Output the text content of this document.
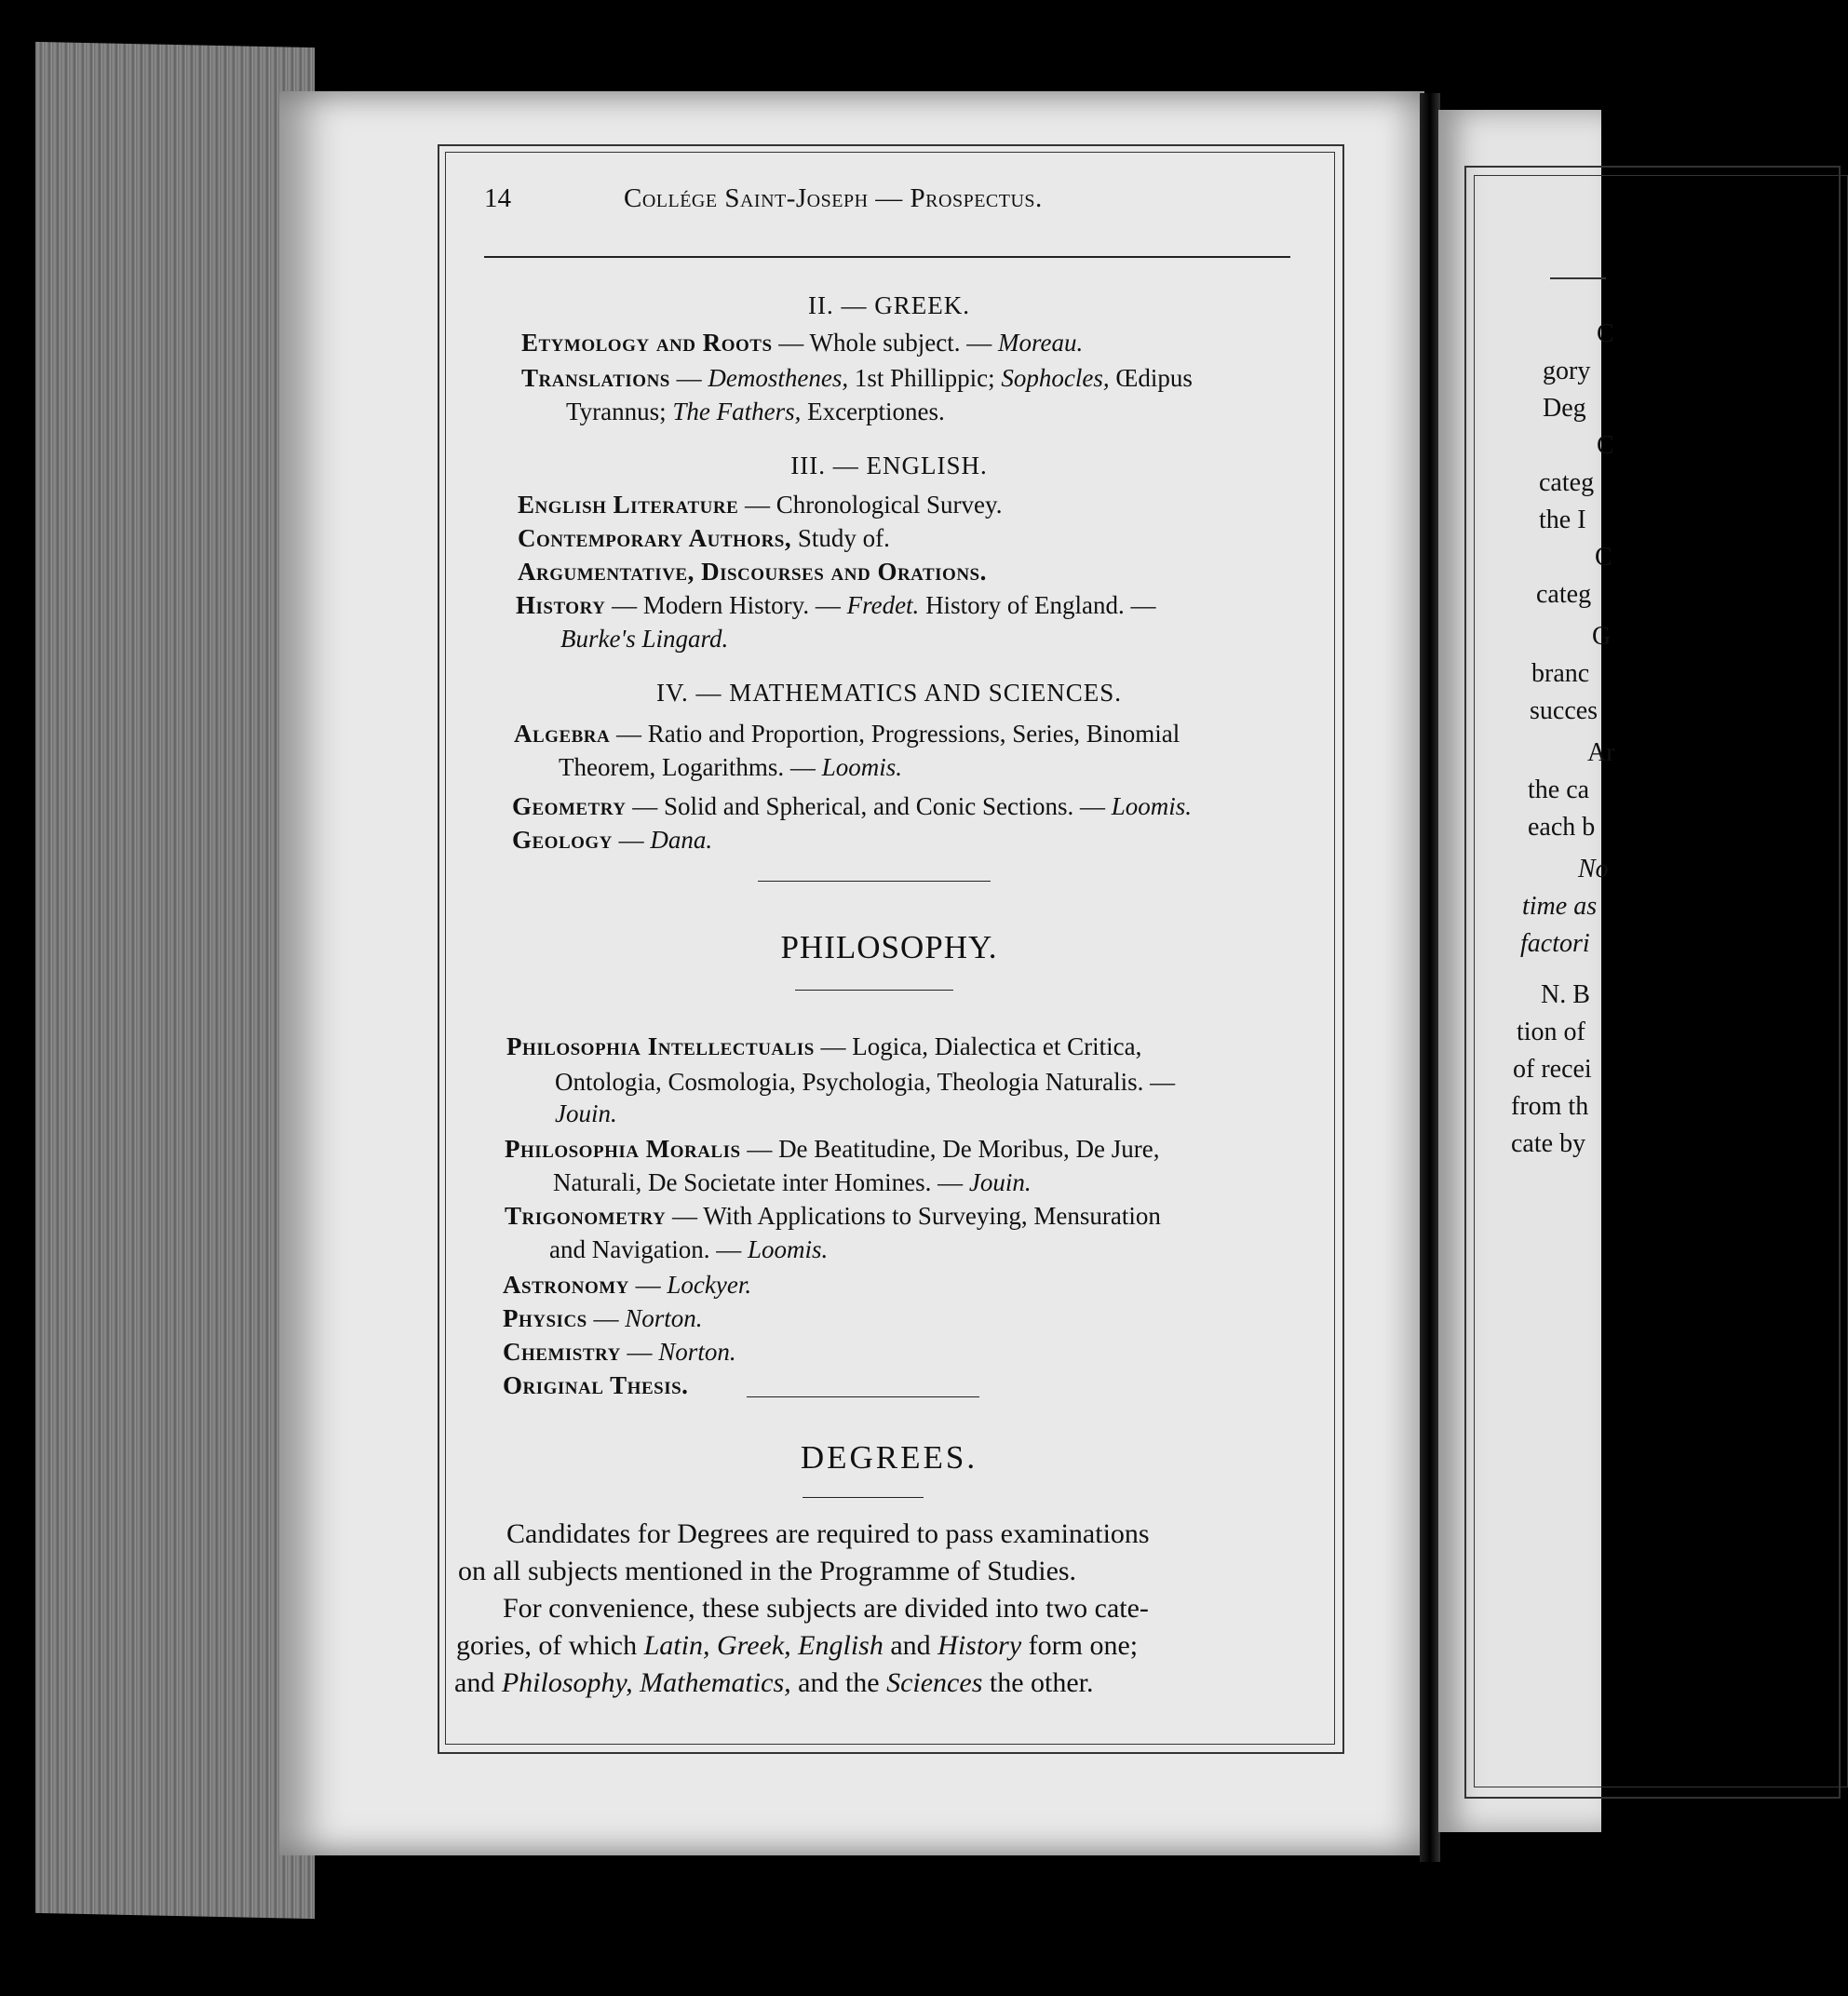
C
gory
Deg
C
categ
the I
C
categ
G
branc
succes
Ar
the ca
each b
No
time as
factori
N. B
tion of
of recei
from th
cate by
14	Collége Saint-Joseph — Prospectus.
II. — GREEK.
Etymology and Roots — Whole subject. — Moreau.
Translations — Demosthenes, 1st Phillippic; Sophocles, Œdipus
Tyrannus; The Fathers, Excerptiones.
III. — ENGLISH.
English Literature — Chronological Survey.
Contemporary Authors, Study of.
Argumentative, Discourses and Orations.
History — Modern History. — Fredet. History of England. —
Burke's Lingard.
IV. — MATHEMATICS AND SCIENCES.
Algebra — Ratio and Proportion, Progressions, Series, Binomial
Theorem, Logarithms. — Loomis.
Geometry — Solid and Spherical, and Conic Sections. — Loomis.
Geology — Dana.
PHILOSOPHY.
Philosophia Intellectualis — Logica, Dialectica et Critica,
Ontologia, Cosmologia, Psychologia, Theologia Naturalis. —
Jouin.
Philosophia Moralis — De Beatitudine, De Moribus, De Jure,
Naturali, De Societate inter Homines. — Jouin.
Trigonometry — With Applications to Surveying, Mensuration
and Navigation. — Loomis.
Astronomy — Lockyer.
Physics — Norton.
Chemistry — Norton.
Original Thesis.
DEGREES.
Candidates for Degrees are required to pass examinations
on all subjects mentioned in the Programme of Studies.
For convenience, these subjects are divided into two cate-
gories, of which Latin, Greek, English and History form one;
and Philosophy, Mathematics, and the Sciences the other.
